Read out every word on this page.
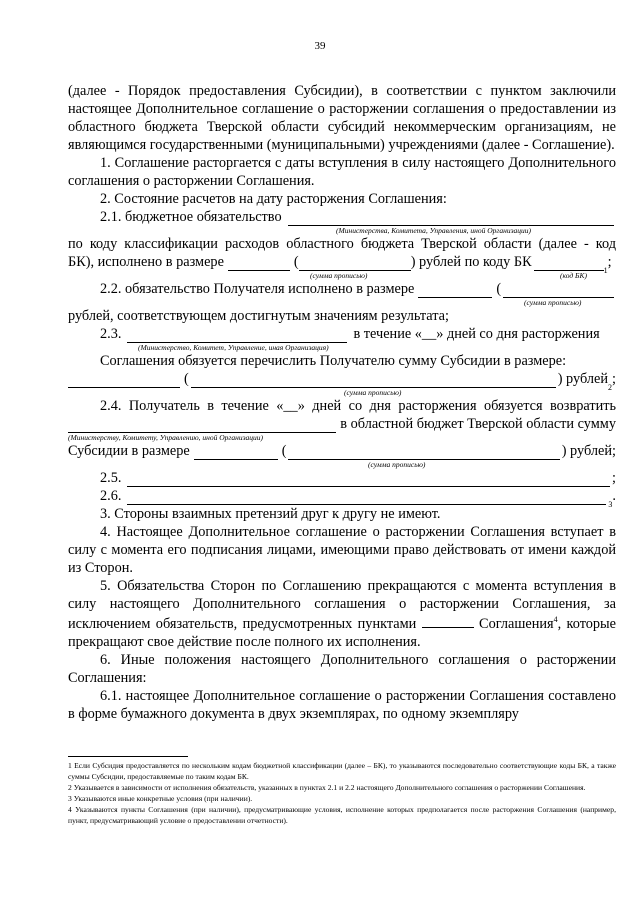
39
(далее - Порядок предоставления Субсидии), в соответствии с пунктом заключили настоящее Дополнительное соглашение о расторжении соглашения о предоставлении из областного бюджета Тверской области субсидий некоммерческим организациям, не являющимся государственными (муниципальными) учреждениями (далее - Соглашение).
1. Соглашение расторгается с даты вступления в силу настоящего Дополнительного соглашения о расторжении Соглашения.
2. Состояние расчетов на дату расторжения Соглашения:
2.1. бюджетное обязательство
(Министерства, Комитета, Управления, иной Организации)
по коду классификации расходов областного бюджета Тверской области (далее - код
БК), исполнено в размере	(	) рублей по коду БК
1
;
(сумма прописью)	(код БК)
2.2. обязательство Получателя исполнено в размере	(
(сумма прописью)
рублей, соответствующем достигнутым значениям результата;
2.3.	в течение «__» дней со дня расторжения
(Министерство, Комитет, Управление, иная Организация)
Соглашения обязуется перечислить Получателю сумму Субсидии в размере:
(	) рублей
2
;
(сумма прописью)
2.4. Получатель в течение «__» дней со дня расторжения обязуется возвратить
в областной бюджет Тверской области сумму
(Министерству, Комитету, Управлению, иной Организации)
Субсидии в размере	(	) рублей;
(сумма прописью)
2.5.	;
2.6.
3
.
3. Стороны взаимных претензий друг к другу не имеют.
4. Настоящее Дополнительное соглашение о расторжении Соглашения вступает в силу с момента его подписания лицами, имеющими право действовать от имени каждой из Сторон.
5. Обязательства Сторон по Соглашению прекращаются с момента вступления в силу настоящего Дополнительного соглашения о расторжении Соглашения, за исключением обязательств, предусмотренных пунктами	Соглашения$^4$, которые прекращают свое действие после полного их исполнения.
6. Иные положения настоящего Дополнительного соглашения о расторжении Соглашения:
6.1. настоящее Дополнительное соглашение о расторжении Соглашения составлено в форме бумажного документа в двух экземплярах, по одному экземпляру

1 Если Субсидия предоставляется по нескольким кодам бюджетной классификации (далее – БК), то указываются последовательно соответствующие коды БК, а также суммы Субсидии, предоставляемые по таким кодам БК.

2 Указывается в зависимости от исполнения обязательств, указанных в пунктах 2.1 и 2.2 настоящего Дополнительного соглашения о расторжении Соглашения.

3 Указываются иные конкретные условия (при наличии).

4 Указываются пункты Соглашения (при наличии), предусматривающие условия, исполнение которых предполагается после расторжения Соглашения (например, пункт, предусматривающий условие о предоставлении отчетности).
